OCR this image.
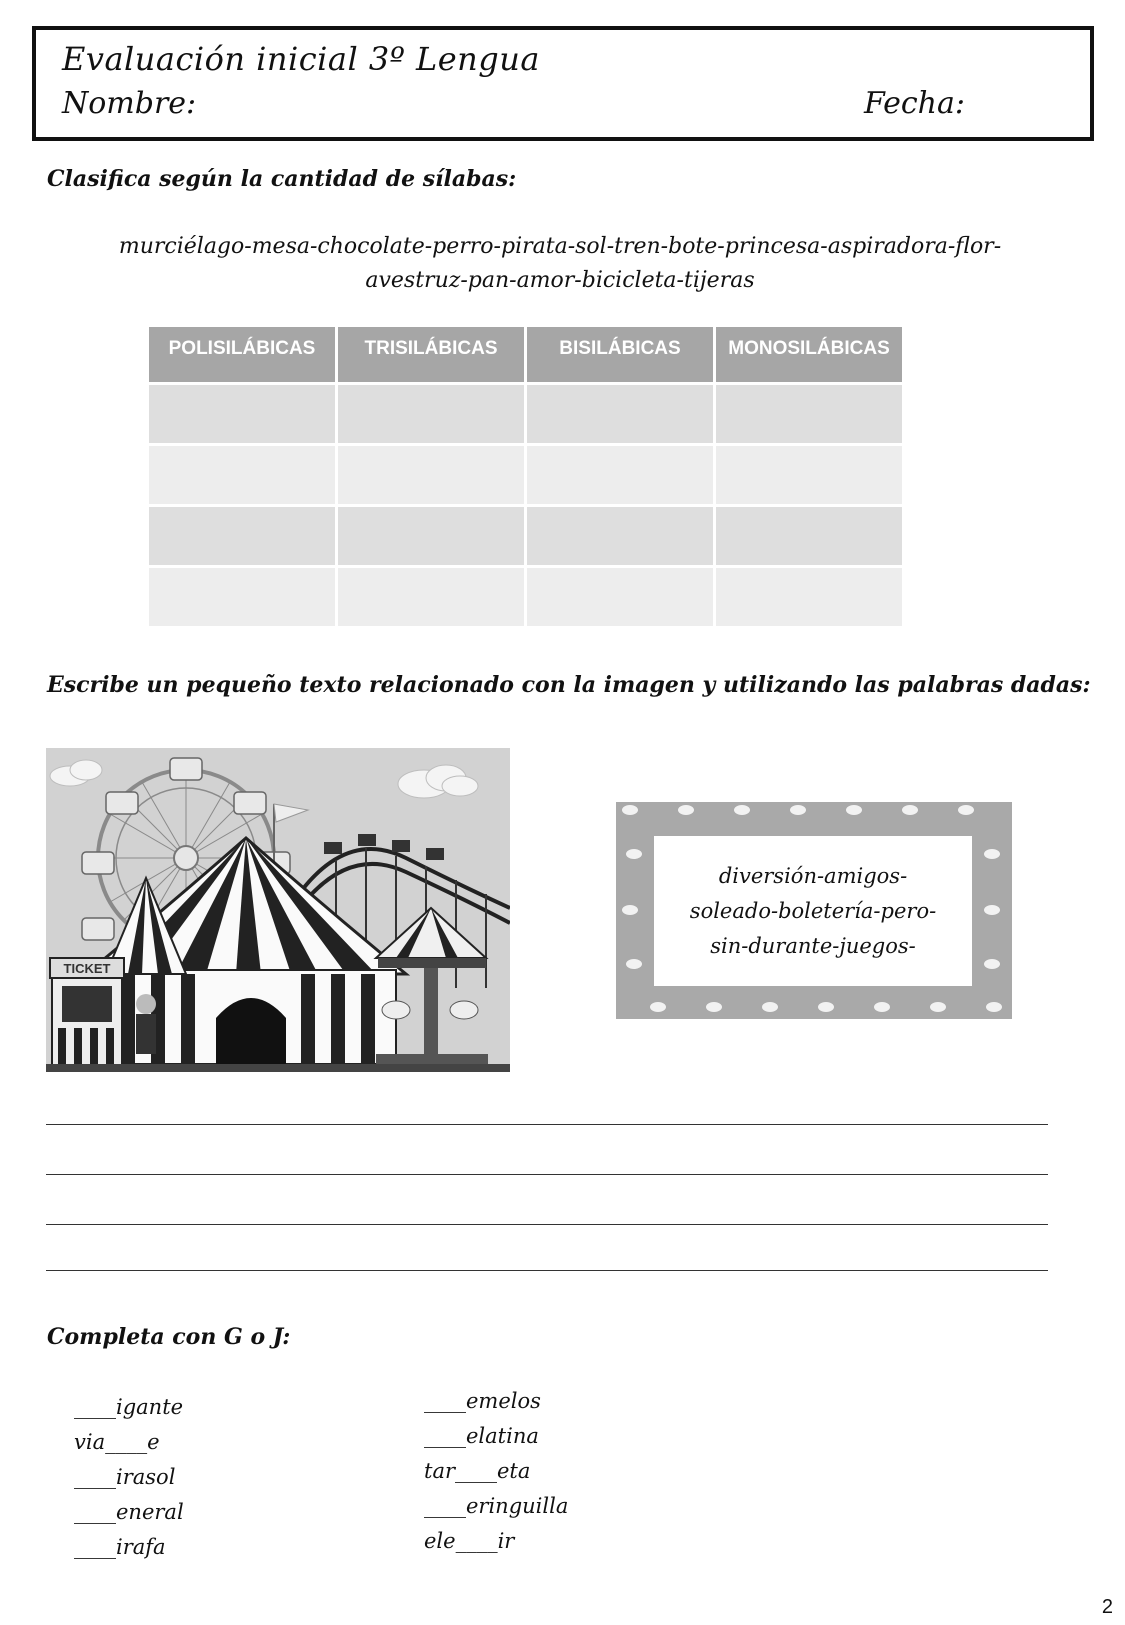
Evaluación inicial 3º Lengua
Nombre:	Fecha:
Clasifica según la cantidad de sílabas:
murciélago-mesa-chocolate-perro-pirata-sol-tren-bote-princesa-aspiradora-flor-
avestruz-pan-amor-bicicleta-tijeras
POLISILÁBICAS	TRISILÁBICAS	BISILÁBICAS	MONOSILÁBICAS

Escribe un pequeño texto relacionado con la imagen y utilizando las palabras dadas:
TICKET
diversión-amigos-
soleado-boletería-pero-
sin-durante-juegos-
Completa con G o J:
____igante
via____e
____irasol
____eneral
____irafa
____emelos
____elatina
tar____eta
____eringuilla
ele____ir
2
